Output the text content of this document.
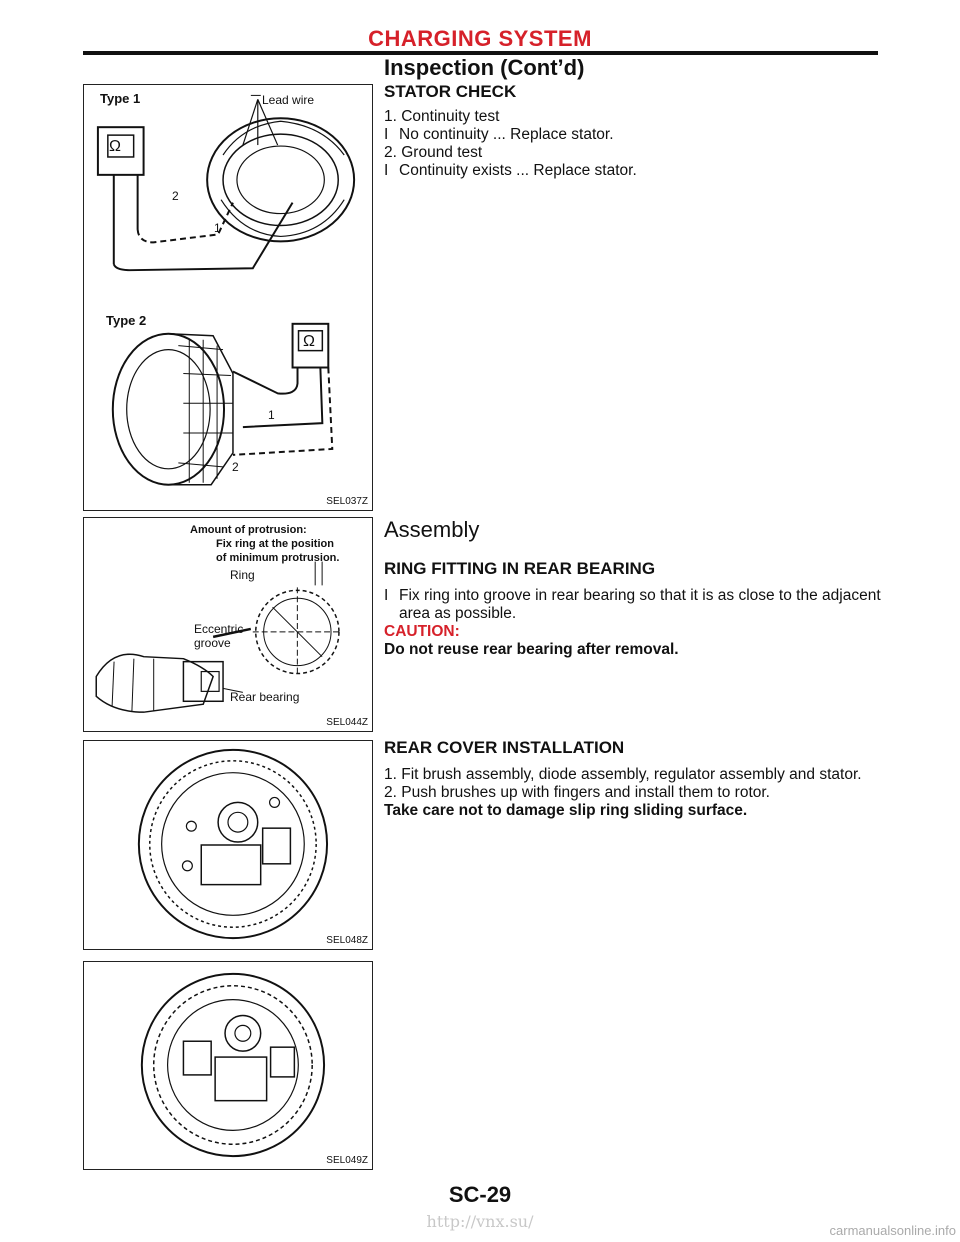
CHARGING SYSTEM
Inspection (Cont’d)
Type 1	Lead wire
Ω
2
1
Type 2
Ω
1
2
SEL037Z
Amount of protrusion:
Fix ring at the position
of minimum protrusion.
Ring
Eccentric
groove
Rear bearing
SEL044Z
SEL048Z
SEL049Z
STATOR CHECK
1. Continuity test
I No continuity ... Replace stator.
2. Ground test
I Continuity exists ... Replace stator.
Assembly
RING FITTING IN REAR BEARING
I Fix ring into groove in rear bearing so that it is as close to the adjacent area as possible.
CAUTION:
Do not reuse rear bearing after removal.
REAR COVER INSTALLATION
1. Fit brush assembly, diode assembly, regulator assembly and stator.
2. Push brushes up with fingers and install them to rotor.
Take care not to damage slip ring sliding surface.
SC-29
http://vnx.su/	carmanualsonline.info
